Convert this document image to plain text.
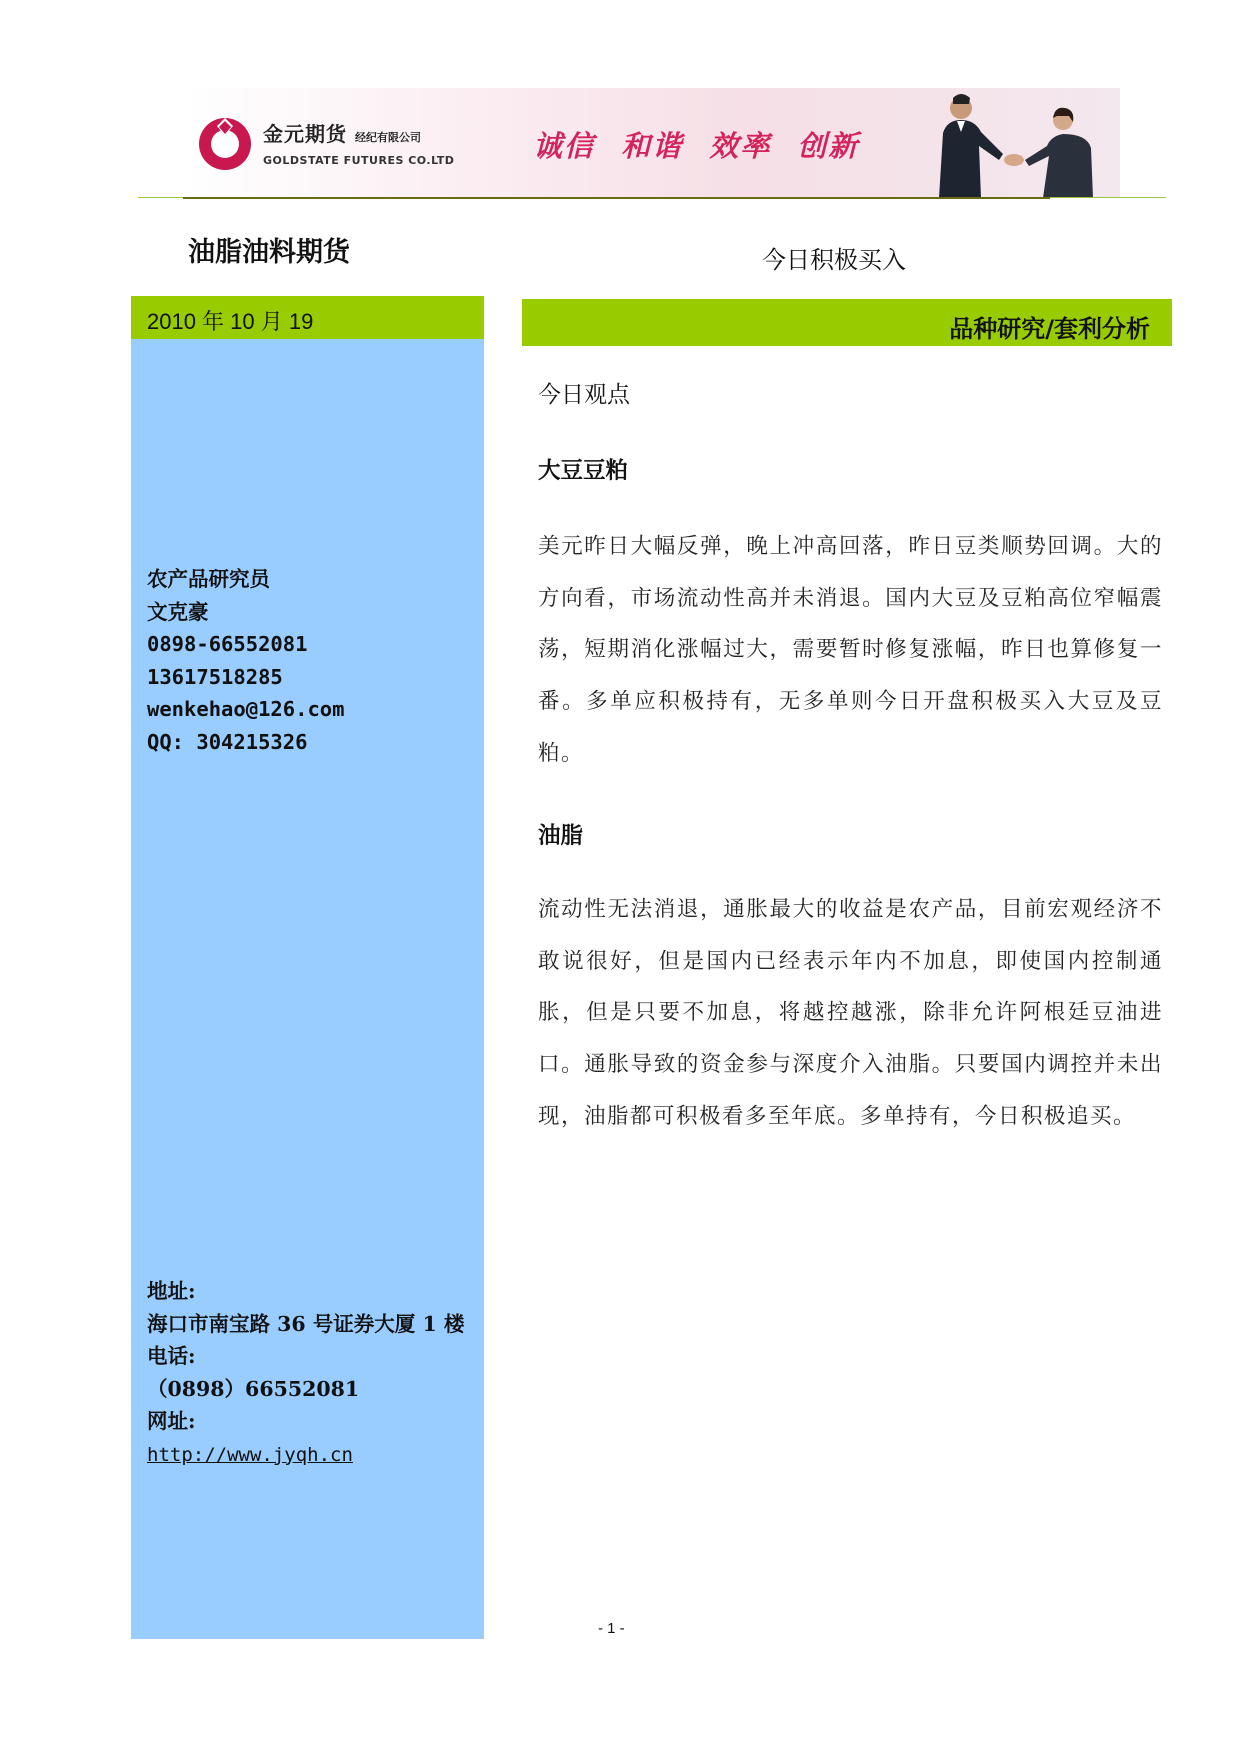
金元期货 经纪有限公司
GOLDSTATE FUTURES CO.LTD	诚信 和谐 效率 创新
油脂油料期货	今日积极买入
2010 年 10 月 19
农产品研究员
文克豪
0898-66552081
13617518285
wenkehao@126.com
QQ: 304215326
地址:
海口市南宝路 36 号证券大厦 1 楼
电话:
（0898）66552081
网址:
http://www.jyqh.cn
品种研究/套利分析
今日观点
大豆豆粕
美元昨日大幅反弹，晚上冲高回落，昨日豆类顺势回调。大的方向看，市场流动性高并未消退。国内大豆及豆粕高位窄幅震荡，短期消化涨幅过大，需要暂时修复涨幅，昨日也算修复一番。多单应积极持有，无多单则今日开盘积极买入大豆及豆粕。
油脂
流动性无法消退，通胀最大的收益是农产品，目前宏观经济不敢说很好，但是国内已经表示年内不加息，即使国内控制通胀，但是只要不加息，将越控越涨，除非允许阿根廷豆油进口。通胀导致的资金参与深度介入油脂。只要国内调控并未出现，油脂都可积极看多至年底。多单持有，今日积极追买。
- 1 -
